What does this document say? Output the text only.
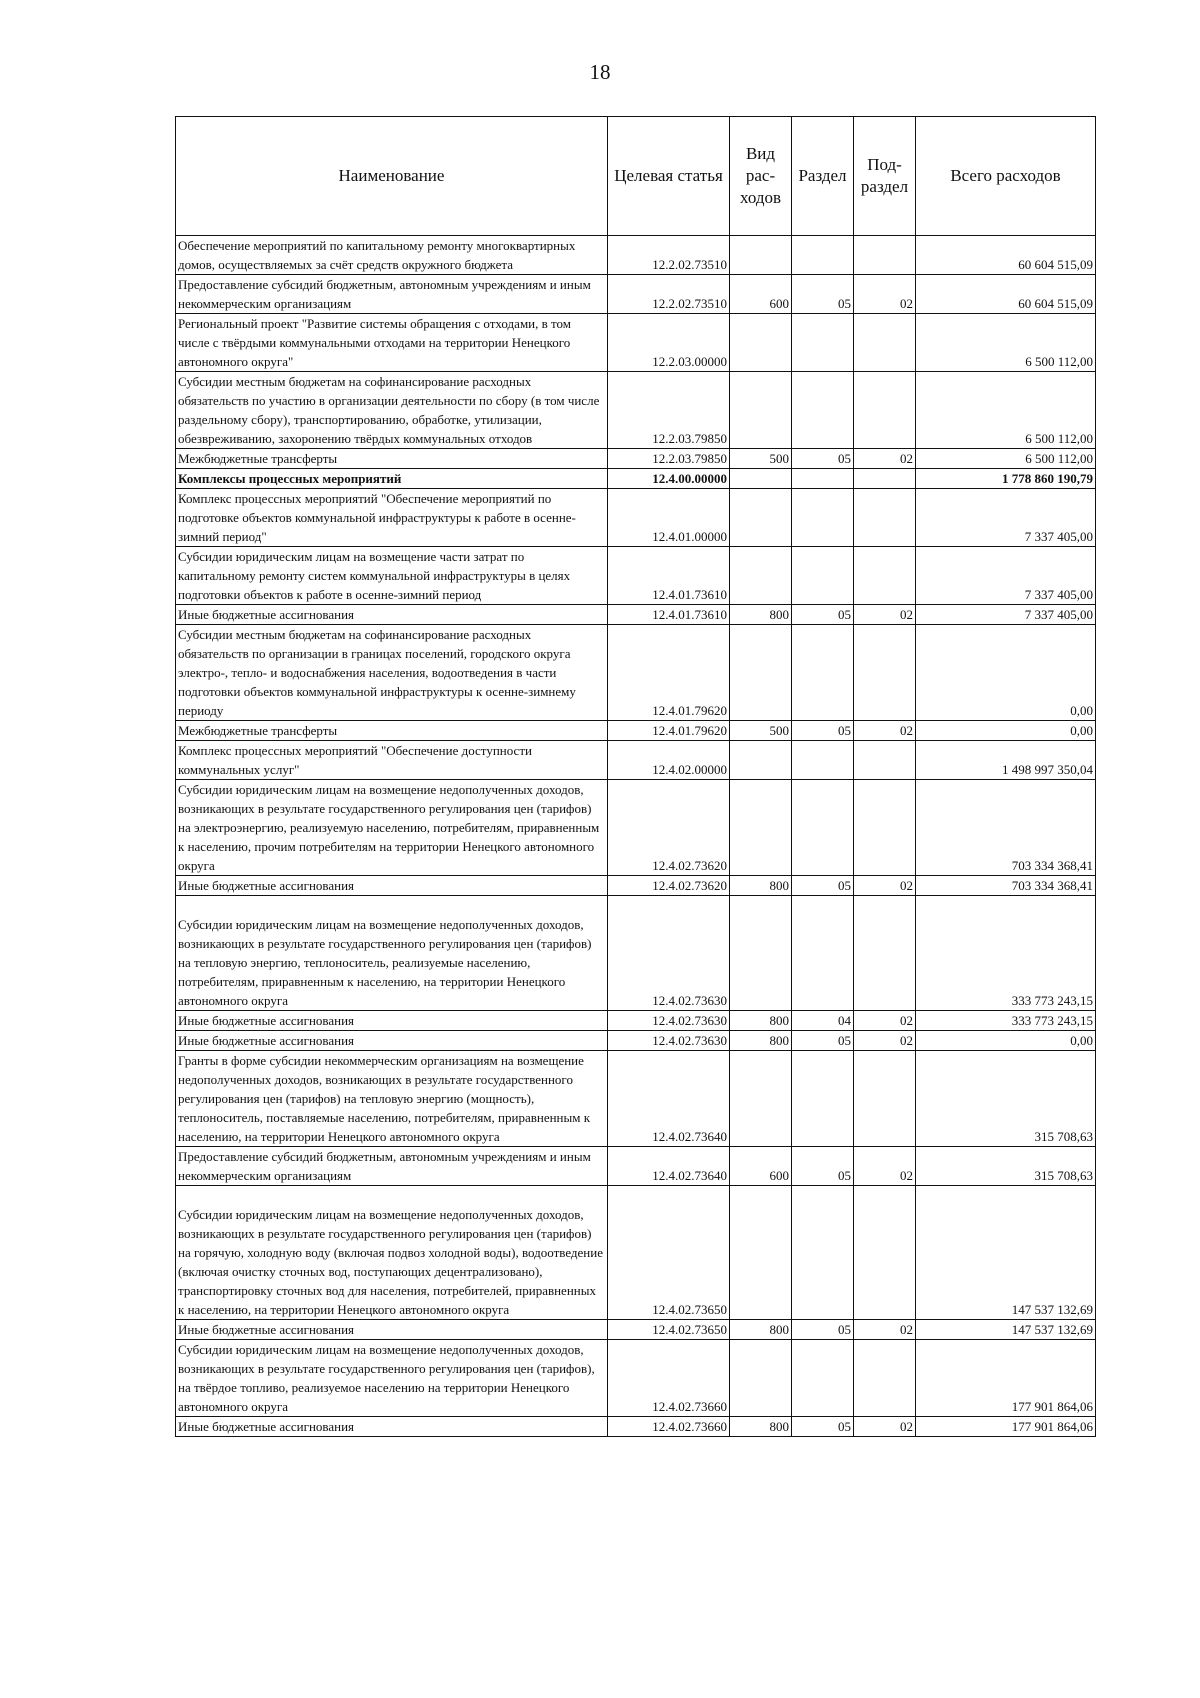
18
Наименование	Целевая статья	Вид рас-ходов	Раздел	Под-раздел	Всего расходов
Обеспечение мероприятий по капитальному ремонту многоквартирных домов, осуществляемых за счёт средств окружного бюджета	12.2.02.73510				60 604 515,09
Предоставление субсидий бюджетным, автономным учреждениям и иным некоммерческим организациям	12.2.02.73510	600	05	02	60 604 515,09
Региональный проект "Развитие системы обращения с отходами, в том числе с твёрдыми коммунальными отходами на территории Ненецкого автономного округа"	12.2.03.00000				6 500 112,00
Субсидии местным бюджетам на софинансирование расходных обязательств по участию в организации деятельности по сбору (в том числе раздельному сбору), транспортированию, обработке, утилизации, обезвреживанию, захоронению твёрдых коммунальных отходов	12.2.03.79850				6 500 112,00
Межбюджетные трансферты	12.2.03.79850	500	05	02	6 500 112,00
Комплексы процессных мероприятий	12.4.00.00000				1 778 860 190,79
Комплекс процессных мероприятий "Обеспечение мероприятий по подготовке объектов коммунальной инфраструктуры к работе в осенне-зимний период"	12.4.01.00000				7 337 405,00
Субсидии юридическим лицам на возмещение части затрат по капитальному ремонту систем коммунальной инфраструктуры в целях подготовки объектов к работе в осенне-зимний период	12.4.01.73610				7 337 405,00
Иные бюджетные ассигнования	12.4.01.73610	800	05	02	7 337 405,00
Субсидии местным бюджетам на софинансирование расходных обязательств по организации в границах поселений, городского округа электро-, тепло- и водоснабжения населения, водоотведения в части подготовки объектов коммунальной инфраструктуры к осенне-зимнему периоду	12.4.01.79620				0,00
Межбюджетные трансферты	12.4.01.79620	500	05	02	0,00
Комплекс процессных мероприятий "Обеспечение доступности коммунальных услуг"	12.4.02.00000				1 498 997 350,04
Субсидии юридическим лицам на возмещение недополученных доходов, возникающих в результате государственного регулирования цен (тарифов) на электроэнергию, реализуемую населению, потребителям, приравненным к населению, прочим потребителям на территории Ненецкого автономного округа	12.4.02.73620				703 334 368,41
Иные бюджетные ассигнования	12.4.02.73620	800	05	02	703 334 368,41
Субсидии юридическим лицам на возмещение недополученных доходов, возникающих в результате государственного регулирования цен (тарифов) на тепловую энергию, теплоноситель, реализуемые населению, потребителям, приравненным к населению, на территории Ненецкого автономного округа	12.4.02.73630				333 773 243,15
Иные бюджетные ассигнования	12.4.02.73630	800	04	02	333 773 243,15
Иные бюджетные ассигнования	12.4.02.73630	800	05	02	0,00
Гранты в форме субсидии некоммерческим организациям на возмещение недополученных доходов, возникающих в результате государственного регулирования цен (тарифов) на тепловую энергию (мощность), теплоноситель, поставляемые населению, потребителям, приравненным к населению, на территории Ненецкого автономного округа	12.4.02.73640				315 708,63
Предоставление субсидий бюджетным, автономным учреждениям и иным некоммерческим организациям	12.4.02.73640	600	05	02	315 708,63
Субсидии юридическим лицам на возмещение недополученных доходов, возникающих в результате государственного регулирования цен (тарифов) на горячую, холодную воду (включая подвоз холодной воды), водоотведение (включая очистку сточных вод, поступающих децентрализовано), транспортировку сточных вод для населения, потребителей, приравненных к населению, на территории Ненецкого автономного округа	12.4.02.73650				147 537 132,69
Иные бюджетные ассигнования	12.4.02.73650	800	05	02	147 537 132,69
Субсидии юридическим лицам на возмещение недополученных доходов, возникающих в результате государственного регулирования цен (тарифов), на твёрдое топливо, реализуемое населению на территории Ненецкого автономного округа	12.4.02.73660				177 901 864,06
Иные бюджетные ассигнования	12.4.02.73660	800	05	02	177 901 864,06
